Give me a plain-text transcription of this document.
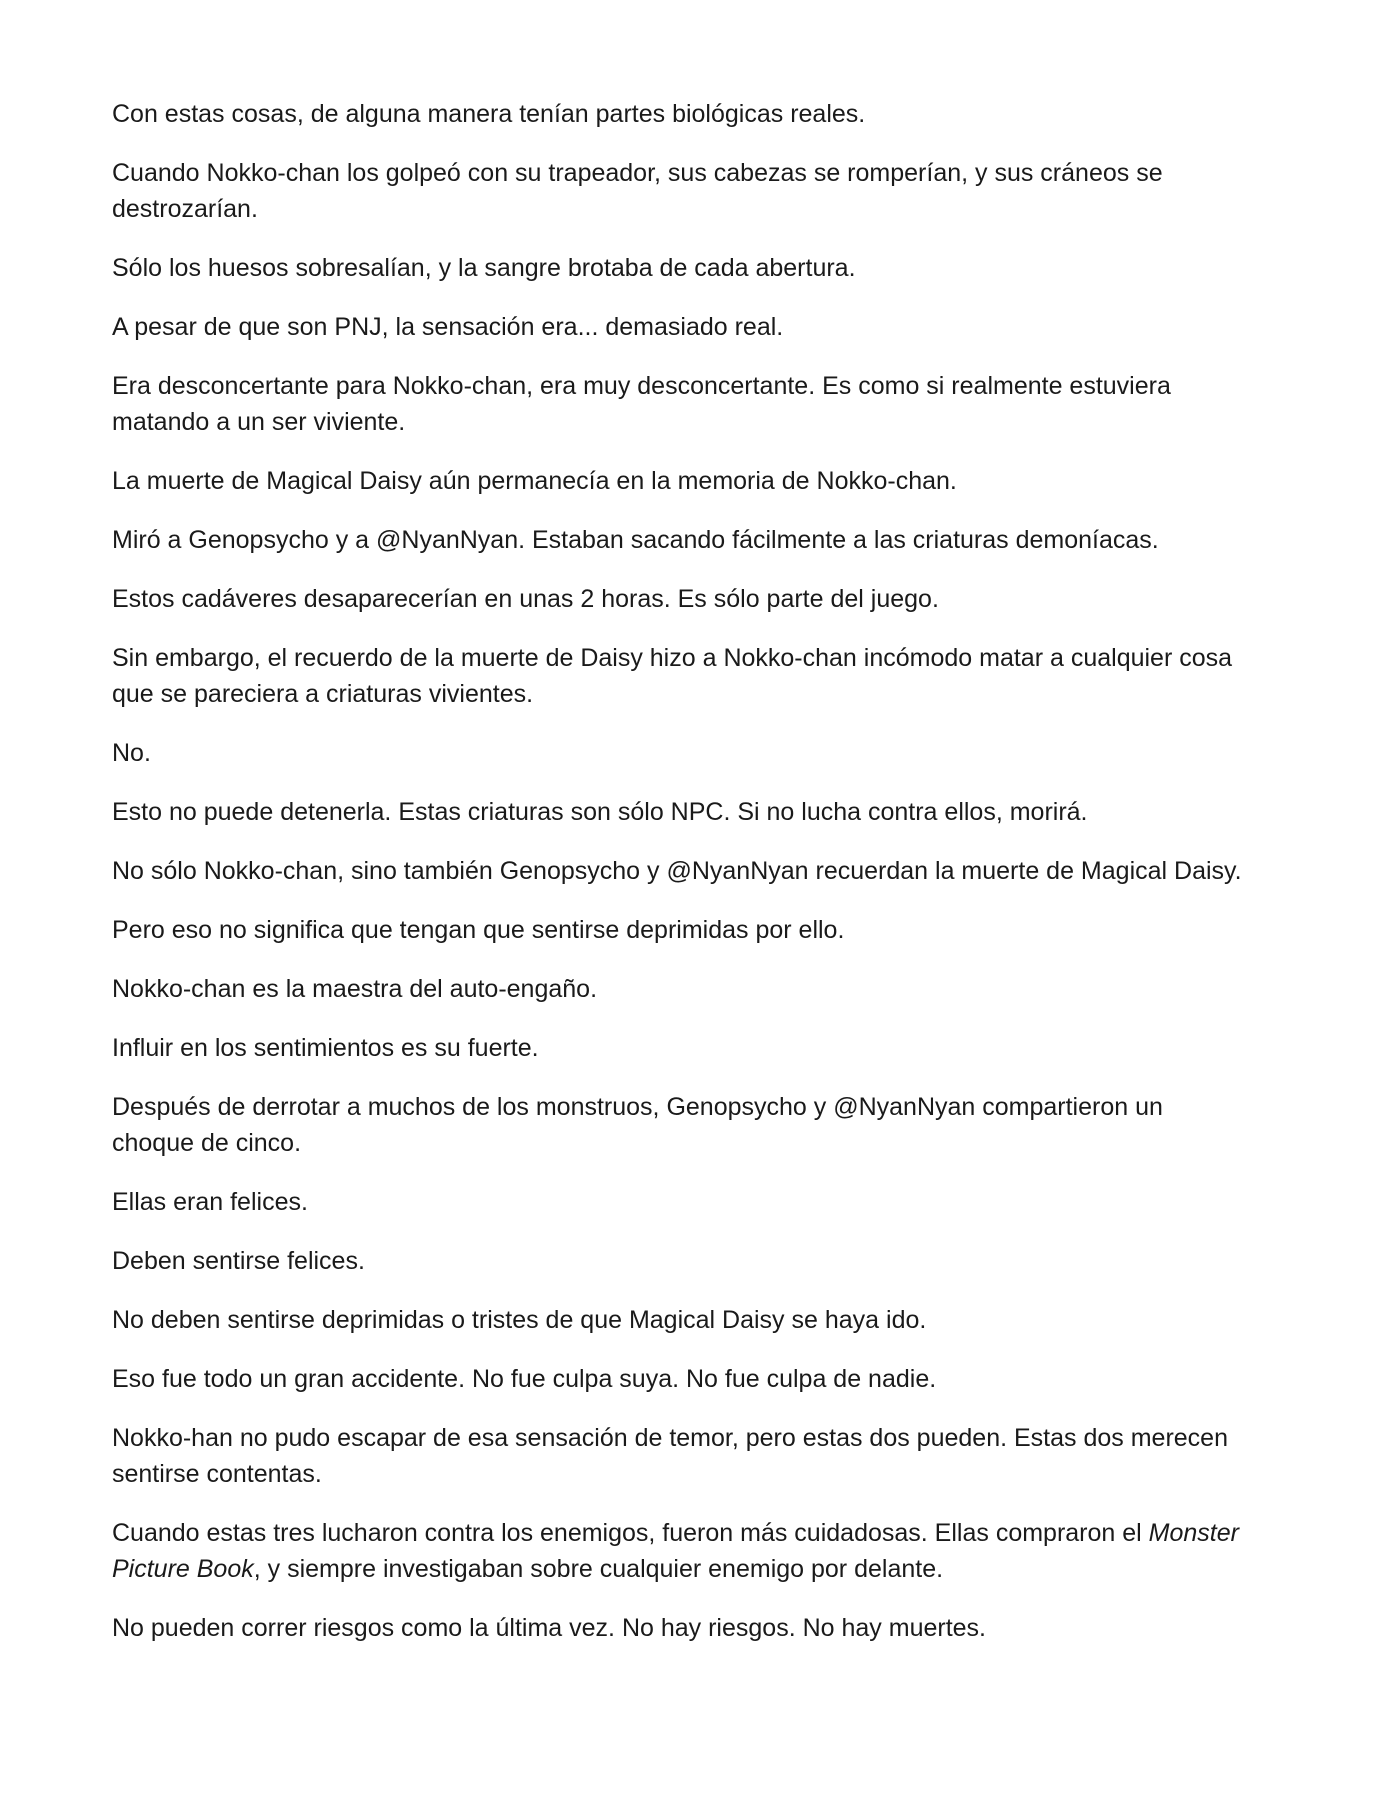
Con estas cosas, de alguna manera tenían partes biológicas reales.

Cuando Nokko-chan los golpeó con su trapeador, sus cabezas se romperían, y sus cráneos se destrozarían.

Sólo los huesos sobresalían, y la sangre brotaba de cada abertura.

A pesar de que son PNJ, la sensación era... demasiado real.

Era desconcertante para Nokko-chan, era muy desconcertante. Es como si realmente estuviera matando a un ser viviente.

La muerte de Magical Daisy aún permanecía en la memoria de Nokko-chan.

Miró a Genopsycho y a @NyanNyan. Estaban sacando fácilmente a las criaturas demoníacas.

Estos cadáveres desaparecerían en unas 2 horas. Es sólo parte del juego.

Sin embargo, el recuerdo de la muerte de Daisy hizo a Nokko-chan incómodo matar a cualquier cosa que se pareciera a criaturas vivientes.

No.

Esto no puede detenerla. Estas criaturas son sólo NPC. Si no lucha contra ellos, morirá.

No sólo Nokko-chan, sino también Genopsycho y @NyanNyan recuerdan la muerte de Magical Daisy.

Pero eso no significa que tengan que sentirse deprimidas por ello.

Nokko-chan es la maestra del auto-engaño.

Influir en los sentimientos es su fuerte.

Después de derrotar a muchos de los monstruos, Genopsycho y @NyanNyan compartieron un choque de cinco.

Ellas eran felices.

Deben sentirse felices.

No deben sentirse deprimidas o tristes de que Magical Daisy se haya ido.

Eso fue todo un gran accidente. No fue culpa suya. No fue culpa de nadie.

Nokko-han no pudo escapar de esa sensación de temor, pero estas dos pueden. Estas dos merecen sentirse contentas.

Cuando estas tres lucharon contra los enemigos, fueron más cuidadosas. Ellas compraron el Monster Picture Book, y siempre investigaban sobre cualquier enemigo por delante.

No pueden correr riesgos como la última vez. No hay riesgos. No hay muertes.
